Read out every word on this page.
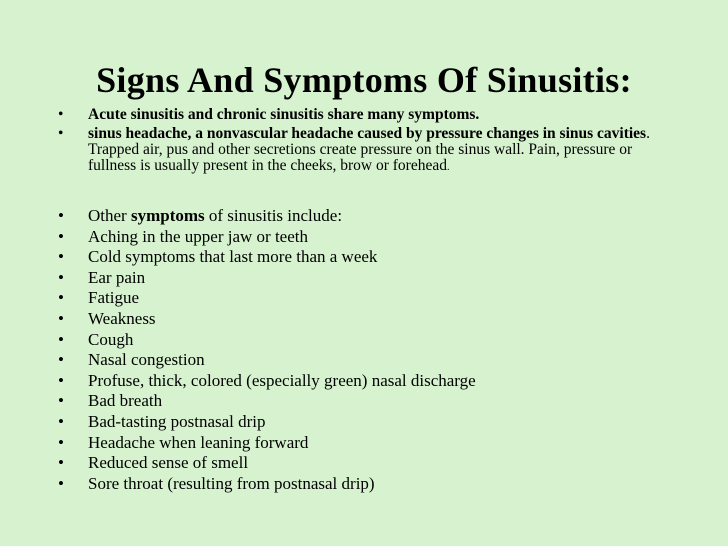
Signs And Symptoms Of Sinusitis:
• Acute sinusitis and chronic sinusitis share many symptoms.
• sinus headache, a nonvascular headache caused by pressure changes in sinus cavities. Trapped air, pus and other secretions create pressure on the sinus wall. Pain, pressure or fullness is usually present in the cheeks, brow or forehead.
• Other symptoms of sinusitis include:
• Aching in the upper jaw or teeth
• Cold symptoms that last more than a week
• Ear pain
• Fatigue
• Weakness
• Cough
• Nasal congestion
• Profuse, thick, colored (especially green) nasal discharge
• Bad breath
• Bad-tasting postnasal drip
• Headache when leaning forward
• Reduced sense of smell
• Sore throat (resulting from postnasal drip)
